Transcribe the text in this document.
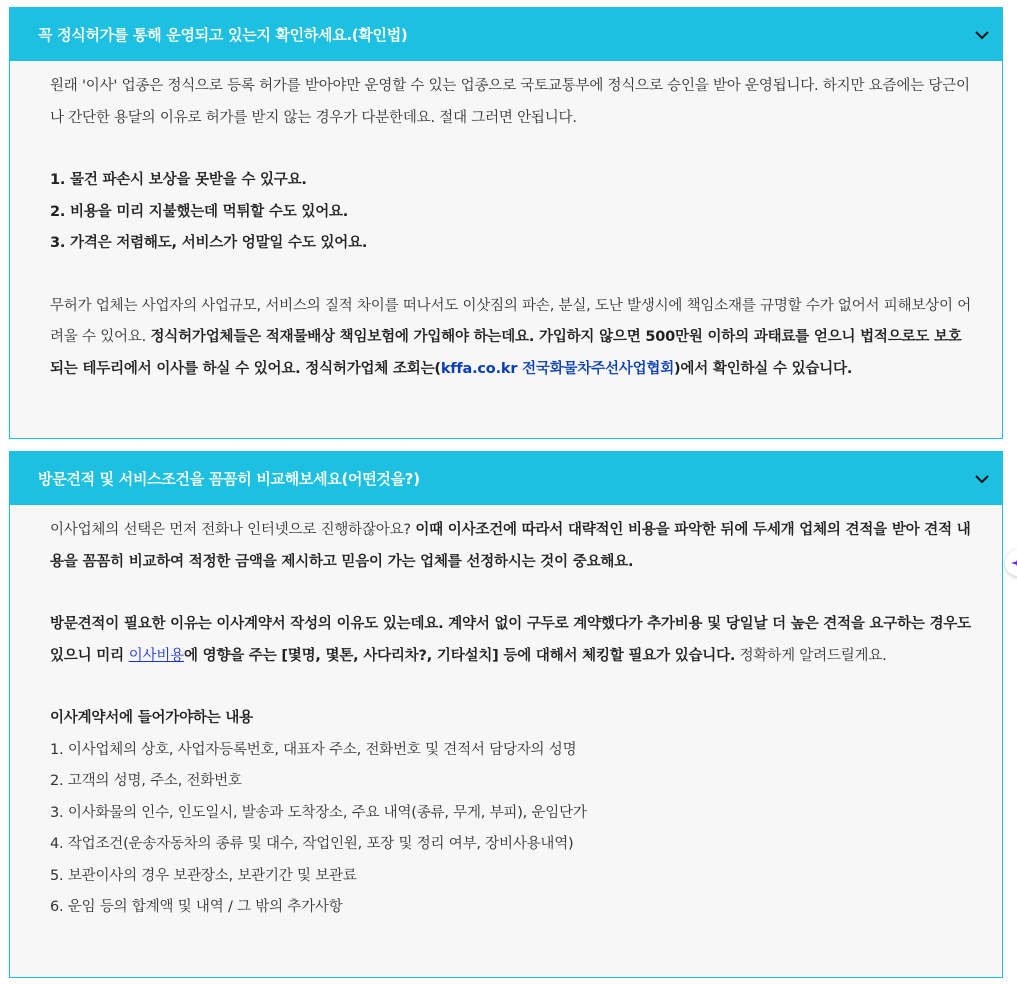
꼭 정식허가를 통해 운영되고 있는지 확인하세요.(확인법)

원래 '이사' 업종은 정식으로 등록 허가를 받아야만 운영할 수 있는 업종으로 국토교통부에 정식으로 승인을 받아 운영됩니다. 하지만 요즘에는 당근이나 간단한 용달의 이유로 허가를 받지 않는 경우가 다분한데요. 절대 그러면 안됩니다.

1. 물건 파손시 보상을 못받을 수 있구요.

2. 비용을 미리 지불했는데 먹튀할 수도 있어요.

3. 가격은 저렴해도, 서비스가 엉말일 수도 있어요.

무허가 업체는 사업자의 사업규모, 서비스의 질적 차이를 떠나서도 이삿짐의 파손, 분실, 도난 발생시에 책임소재를 규명할 수가 없어서 피해보상이 어려울 수 있어요. 정식허가업체들은 적재물배상 책임보험에 가입해야 하는데요. 가입하지 않으면 500만원 이하의 과태료를 얻으니 법적으로도 보호되는 테두리에서 이사를 하실 수 있어요. 정식허가업체 조회는(kffa.co.kr 전국화물차주선사업협회)에서 확인하실 수 있습니다.

방문견적 및 서비스조건을 꼼꼼히 비교해보세요(어떤것을?)

이사업체의 선택은 먼저 전화나 인터넷으로 진행하잖아요? 이때 이사조건에 따라서 대략적인 비용을 파악한 뒤에 두세개 업체의 견적을 받아 견적 내용을 꼼꼼히 비교하여 적정한 금액을 제시하고 믿음이 가는 업체를 선정하시는 것이 중요해요.

방문견적이 필요한 이유는 이사계약서 작성의 이유도 있는데요. 계약서 없이 구두로 계약했다가 추가비용 및 당일날 더 높은 견적을 요구하는 경우도 있으니 미리 이사비용에 영향을 주는 [몇명, 몇톤, 사다리차?, 기타설치] 등에 대해서 체킹할 필요가 있습니다. 정확하게 알려드릴게요.

이사계약서에 들어가야하는 내용

1. 이사업체의 상호, 사업자등록번호, 대표자 주소, 전화번호 및 견적서 담당자의 성명

2. 고객의 성명, 주소, 전화번호

3. 이사화물의 인수, 인도일시, 발송과 도착장소, 주요 내역(종류, 무게, 부피), 운임단가

4. 작업조건(운송자동차의 종류 및 대수, 작업인원, 포장 및 정리 여부, 장비사용내역)

5. 보관이사의 경우 보관장소, 보관기간 및 보관료

6. 운임 등의 합계액 및 내역 / 그 밖의 추가사항
